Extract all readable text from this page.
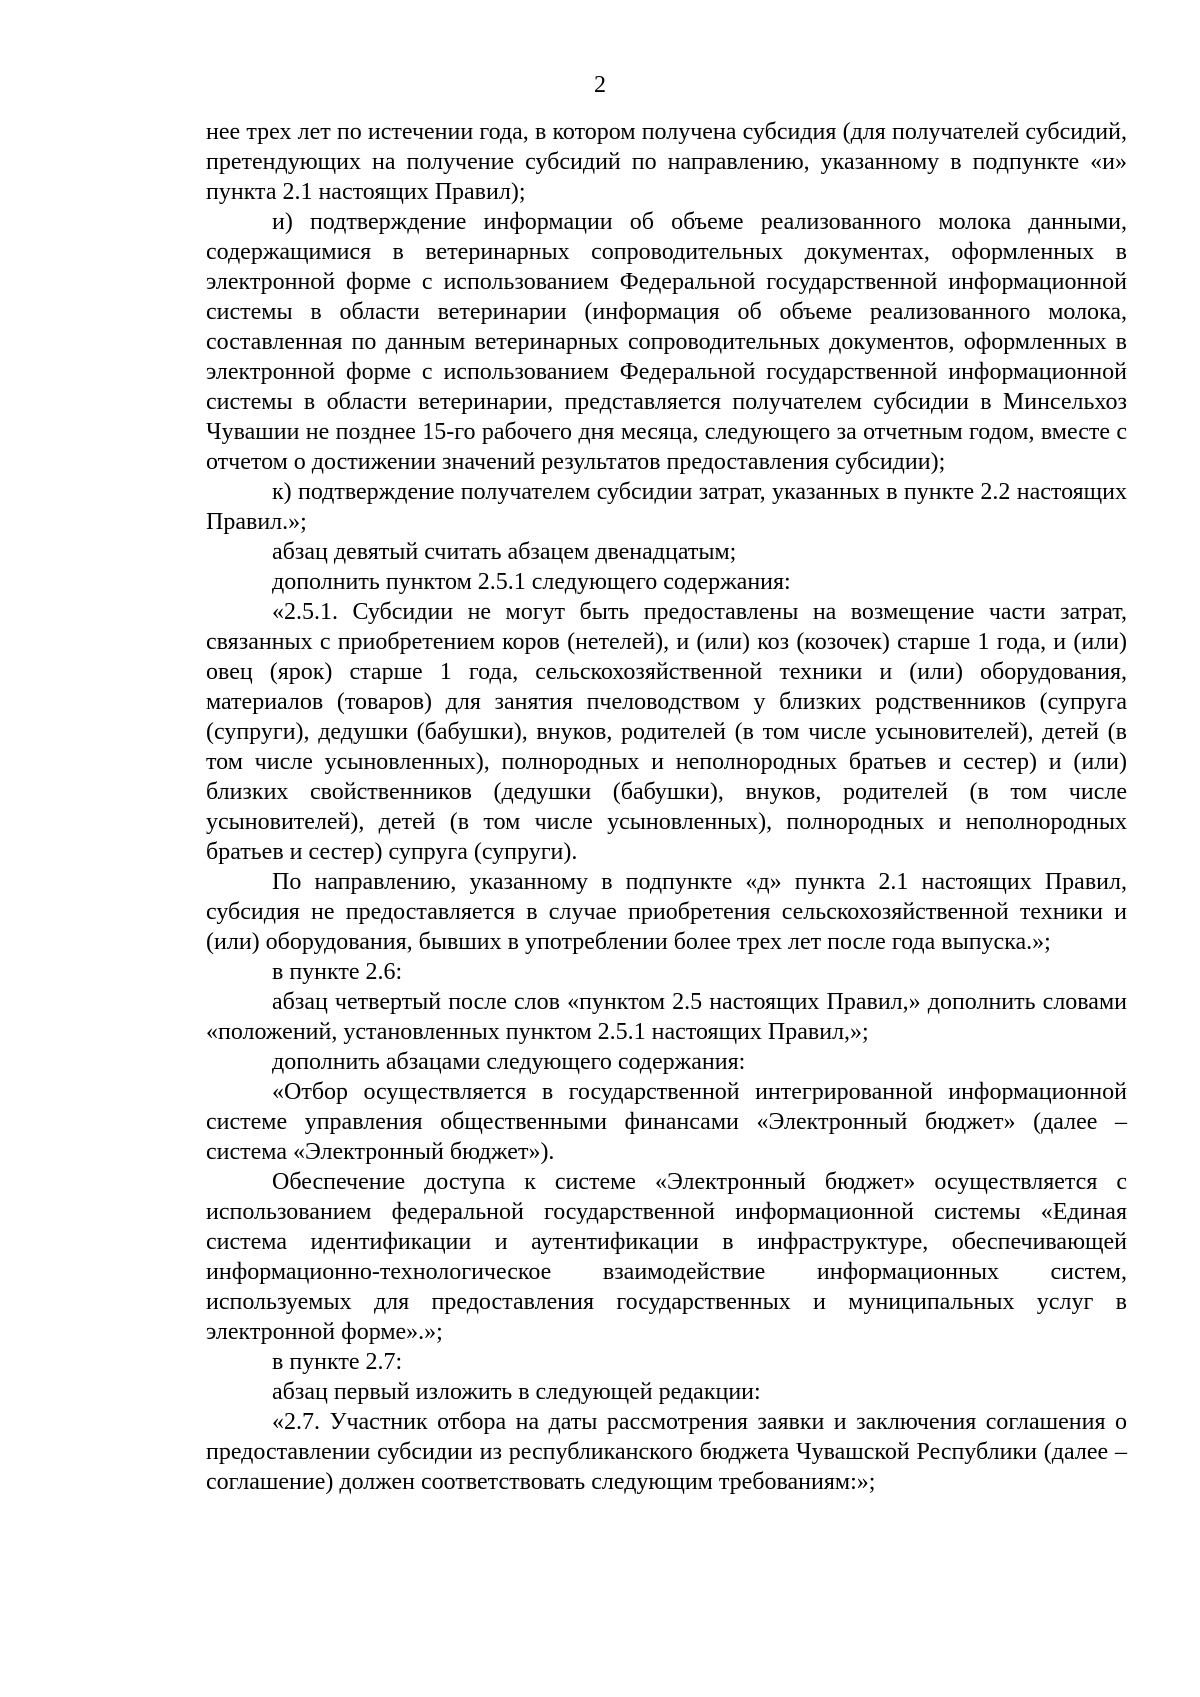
2

нее трех лет по истечении года, в котором получена субсидия (для получателей субсидий, претендующих на получение субсидий по направлению, указанному в подпункте «и» пункта 2.1 настоящих Правил);

и) подтверждение информации об объеме реализованного молока данными, содержащимися в ветеринарных сопроводительных документах, оформленных в электронной форме с использованием Федеральной государственной информационной системы в области ветеринарии (информация об объеме реализованного молока, составленная по данным ветеринарных сопроводительных документов, оформленных в электронной форме с использованием Федеральной государственной информационной системы в области ветеринарии, представляется получателем субсидии в Минсельхоз Чувашии не позднее 15-го рабочего дня месяца, следующего за отчетным годом, вместе с отчетом о достижении значений результатов предоставления субсидии);

к) подтверждение получателем субсидии затрат, указанных в пункте 2.2 настоящих Правил.»;

абзац девятый считать абзацем двенадцатым;

дополнить пунктом 2.5.1 следующего содержания:

«2.5.1. Субсидии не могут быть предоставлены на возмещение части затрат, связанных с приобретением коров (нетелей), и (или) коз (козочек) старше 1 года, и (или) овец (ярок) старше 1 года, сельскохозяйственной техники и (или) оборудования, материалов (товаров) для занятия пчеловодством у близких родственников (супруга (супруги), дедушки (бабушки), внуков, родителей (в том числе усыновителей), детей (в том числе усыновленных), полнородных и неполнородных братьев и сестер) и (или) близких свойственников (дедушки (бабушки), внуков, родителей (в том числе усыновителей), детей (в том числе усыновленных), полнородных и неполнородных братьев и сестер) супруга (супруги).

По направлению, указанному в подпункте «д» пункта 2.1 настоящих Правил, субсидия не предоставляется в случае приобретения сельскохозяйственной техники и (или) оборудования, бывших в употреблении более трех лет после года выпуска.»;

в пункте 2.6:

абзац четвертый после слов «пунктом 2.5 настоящих Правил,» дополнить словами «положений, установленных пунктом 2.5.1 настоящих Правил,»;

дополнить абзацами следующего содержания:

«Отбор осуществляется в государственной интегрированной информационной системе управления общественными финансами «Электронный бюджет» (далее – система «Электронный бюджет»).

Обеспечение доступа к системе «Электронный бюджет» осуществляется с использованием федеральной государственной информационной системы «Единая система идентификации и аутентификации в инфраструктуре, обеспечивающей информационно-технологическое взаимодействие информационных систем, используемых для предоставления государственных и муниципальных услуг в электронной форме».»;

в пункте 2.7:

абзац первый изложить в следующей редакции:

«2.7. Участник отбора на даты рассмотрения заявки и заключения соглашения о предоставлении субсидии из республиканского бюджета Чувашской Республики (далее – соглашение) должен соответствовать следующим требованиям:»;
